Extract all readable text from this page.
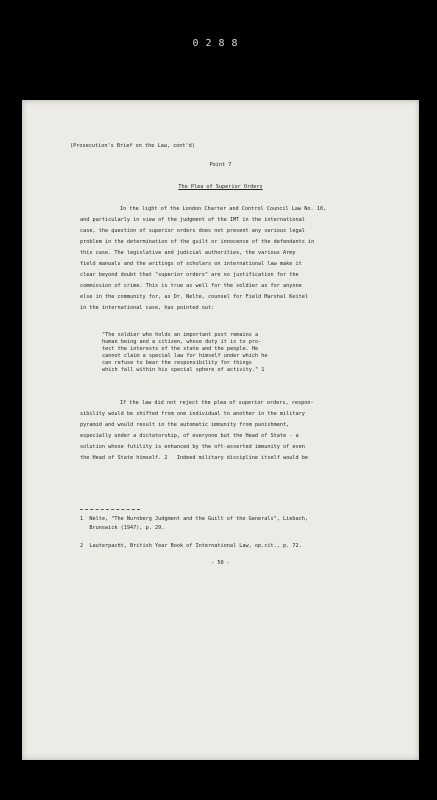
0288
(Prosecution's Brief on the Law, cont'd)
Point 7
The Plea of Superior Orders
In the light of the London Charter and Control Council Law No. 10,
and particularly in view of the judgment of the IMT in the international
case, the question of superior orders does not present any serious legal
problem in the determination of the guilt or innocence of the defendants in
this case. The legislative and judicial authorities, the various Army
field manuals and the writings of scholars on international law make it
clear beyond doubt that "superior orders" are no justification for the
commission of crime. This is true as well for the soldier as for anyone
else in the community for, as Dr. Nelte, counsel for Field Marshal Keitel
in the international case, has pointed out:
"The soldier who holds an important post remains a
human being and a citizen, whose duty it is to pro-
tect the interests of the state and the people. He
cannot claim a special law for himself under which he
can refuse to bear the responsibility for things
which fall within his special sphere of activity." 1
If the law did not reject the plea of superior orders, respon-
sibility would be shifted from one individual to another in the military
pyramid and would result in the automatic immunity from punishment,
especially under a dictatorship, of everyone but the Head of State - a
solution whose futility is enhanced by the oft-asserted immunity of even
the Head of State himself. 2   Indeed military discipline itself would be
1  Nelte, "The Nurnberg Judgment and the Guilt of the Generals", Liebach,
Brunswick (1947), p. 29.
2  Lauterpacht, British Year Book of International Law, op.cit., p. 72.
- 50 -
